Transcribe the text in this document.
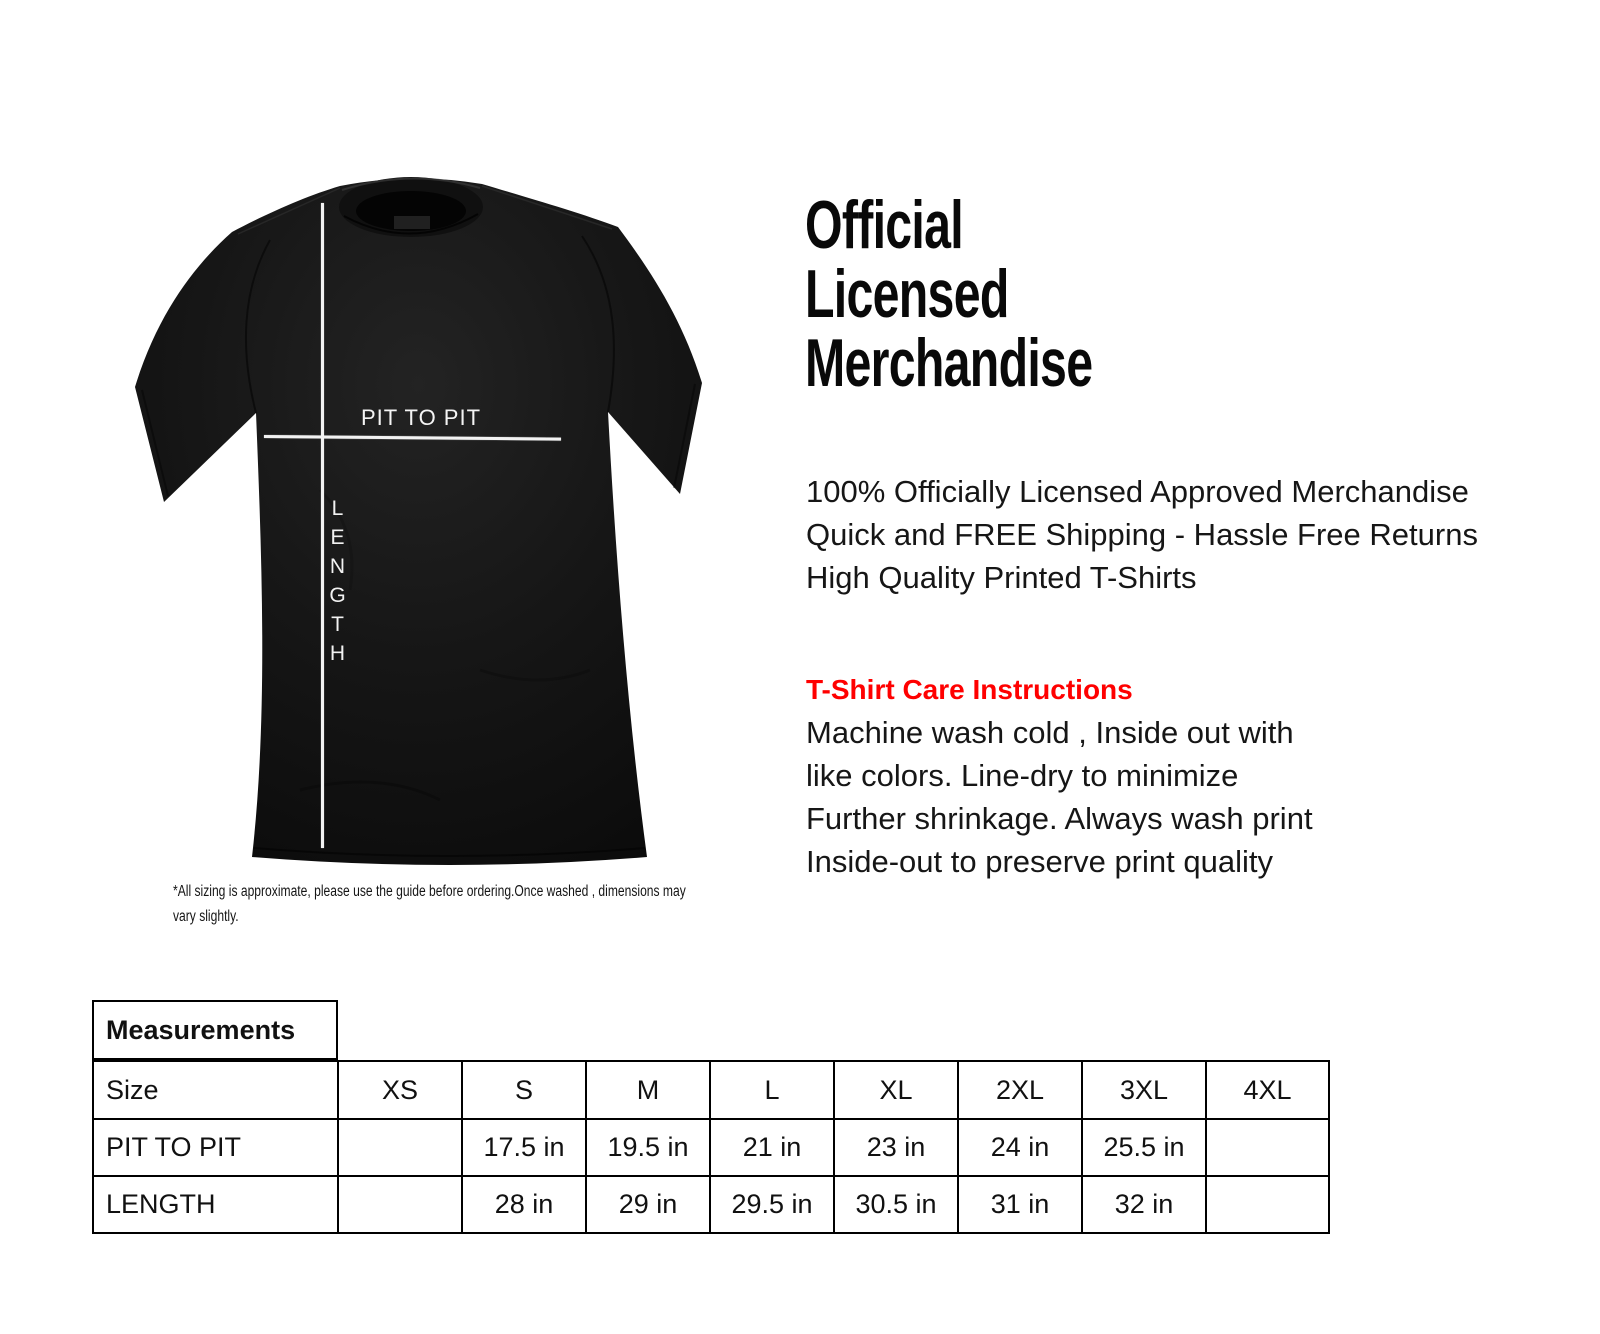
PIT TO PIT
LENGTH
*All sizing is approximate, please use the guide before ordering.Once washed , dimensions may
vary slightly.
Official
Licensed
Merchandise
100% Officially Licensed Approved Merchandise
Quick and FREE Shipping - Hassle Free Returns
High Quality Printed T-Shirts
T-Shirt Care Instructions
Machine wash cold , Inside out with
like colors. Line-dry to minimize
Further shrinkage. Always wash print
Inside-out to preserve print quality
Measurements
Size	XS	S	M	L	XL	2XL	3XL	4XL
PIT TO PIT		17.5 in	19.5 in	21 in	23 in	24 in	25.5 in	
LENGTH		28 in	29 in	29.5 in	30.5 in	31 in	32 in	
